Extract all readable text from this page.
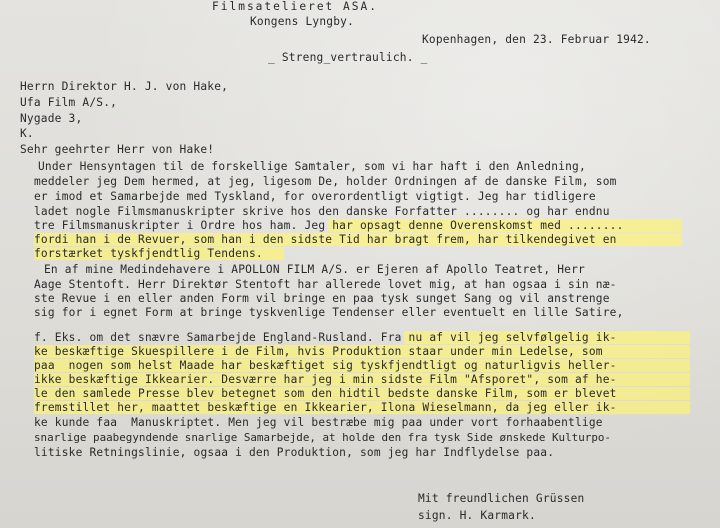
Filmsatelieret ASA.
Kongens Lyngby.
Kopenhagen, den 23. Februar 1942.
_ Streng_vertraulich. _
Herrn Direktor H. J. von Hake,
Ufa Film A/S.,
Nygade 3,
K.
Sehr geehrter Herr von Hake!
Under Hensyntagen til de forskellige Samtaler, som vi har haft i den Anledning,
meddeler jeg Dem hermed, at jeg, ligesom De, holder Ordningen af de danske Film, som
er imod et Samarbejde med Tyskland, for overordentligt vigtigt. Jeg har tidligere
ladet nogle Filmsmanuskripter skrive hos den danske Forfatter ........ og har endnu
tre Filmsmanuskripter i Ordre hos ham. Jeg har opsagt denne Overenskomst med ........
fordi han i de Revuer, som han i den sidste Tid har bragt frem, har tilkendegivet en
forstærket tyskfjendtlig Tendens.
En af mine Medindehavere i APOLLON FILM A/S. er Ejeren af Apollo Teatret, Herr
Aage Stentoft. Herr Direktør Stentoft har allerede lovet mig, at han ogsaa i sin næ-
ste Revue i en eller anden Form vil bringe en paa tysk sunget Sang og vil anstrenge
sig for i egnet Form at bringe tyskvenlige Tendenser eller eventuelt en lille Satire,
f. Eks. om det snævre Samarbejde England-Rusland. Fra nu af vil jeg selvfølgelig ik-
ke beskæftige Skuespillere i de Film, hvis Produktion staar under min Ledelse, som
paa  nogen som helst Maade har beskæftiget sig tyskfjendtligt og naturligvis heller-
ikke beskæftige Ikkearier. Desværre har jeg i min sidste Film "Afsporet", som af he-
le den samlede Presse blev betegnet som den hidtil bedste danske Film, som er blevet
fremstillet her, maattet beskæftige en Ikkearier, Ilona Wieselmann, da jeg eller ik-
ke kunde faa  Manuskriptet. Men jeg vil bestræbe mig paa under vort forhaabentlige
snarlige paabegyndende snarlige Samarbejde, at holde den fra tysk Side ønskede Kulturpo-
litiske Retningslinie, ogsaa i den Produktion, som jeg har Indflydelse paa.
Mit freundlichen Grüssen
sign. H. Karmark.
